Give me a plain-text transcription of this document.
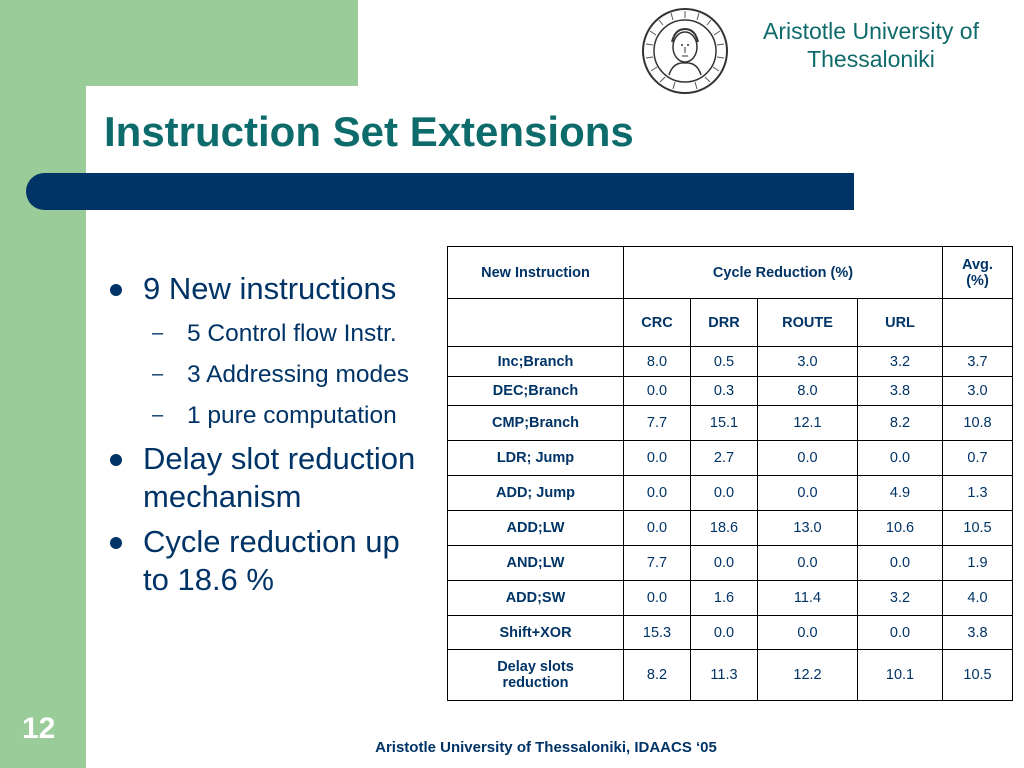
Instruction Set Extensions
Aristotle University of
Thessaloniki
9 New instructions
– 5 Control flow Instr.
– 3 Addressing modes
– 1 pure computation
Delay slot reduction
mechanism
Cycle reduction up
to 18.6 %
New Instruction	Cycle Reduction (%)				Avg.
(%)
	CRC	DRR	ROUTE	URL	
Inc;Branch	8.0	0.5	3.0	3.2	3.7
DEC;Branch	0.0	0.3	8.0	3.8	3.0
CMP;Branch	7.7	15.1	12.1	8.2	10.8
LDR; Jump	0.0	2.7	0.0	0.0	0.7
ADD; Jump	0.0	0.0	0.0	4.9	1.3
ADD;LW	0.0	18.6	13.0	10.6	10.5
AND;LW	7.7	0.0	0.0	0.0	1.9
ADD;SW	0.0	1.6	11.4	3.2	4.0
Shift+XOR	15.3	0.0	0.0	0.0	3.8
Delay slots
reduction	8.2	11.3	12.2	10.1	10.5
12
Aristotle University of Thessaloniki, IDAACS ‘05
